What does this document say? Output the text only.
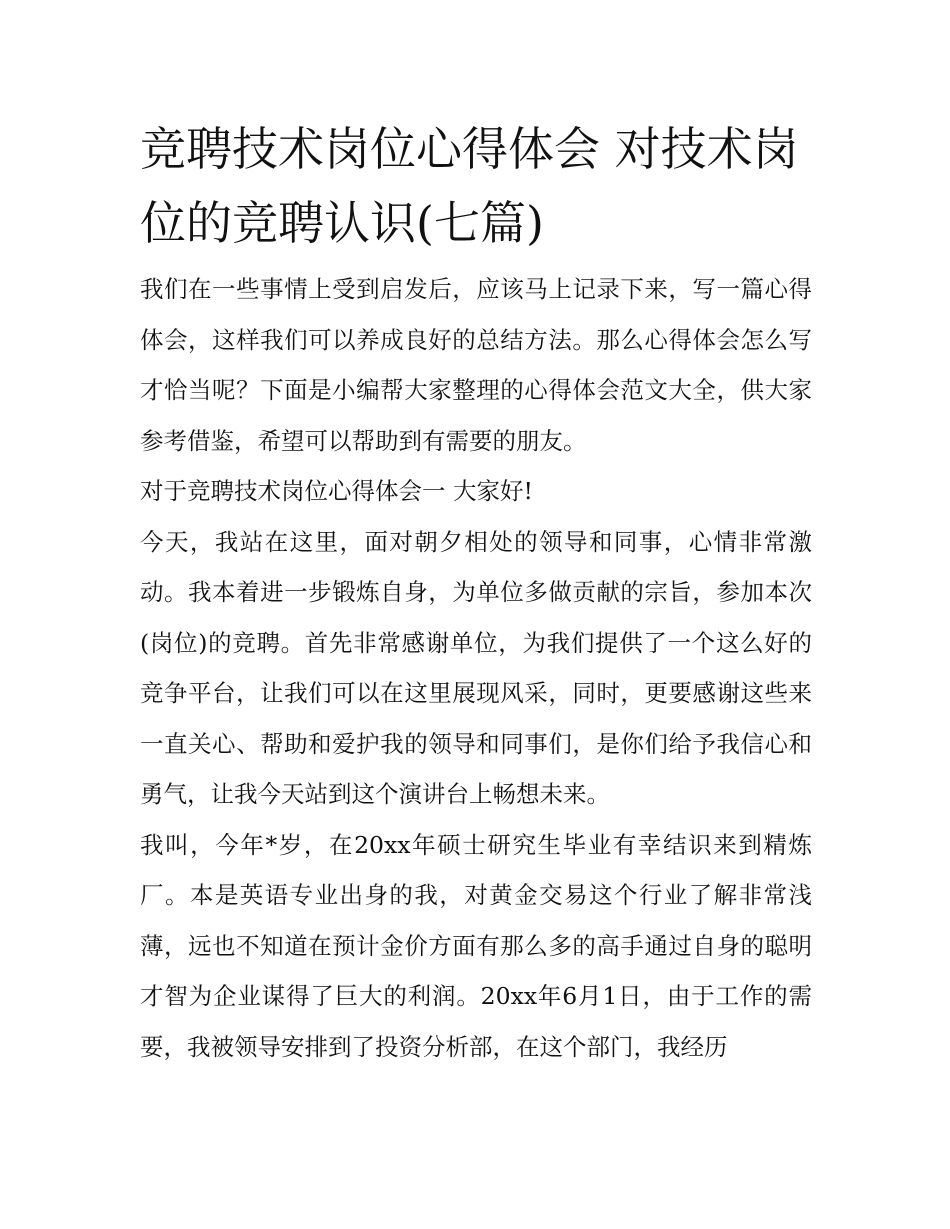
竞聘技术岗位心得体会 对技术岗位的竞聘认识(七篇)

我们在一些事情上受到启发后，应该马上记录下来，写一篇心得体会，这样我们可以养成良好的总结方法。那么心得体会怎么写才恰当呢？下面是小编帮大家整理的心得体会范文大全，供大家参考借鉴，希望可以帮助到有需要的朋友。

对于竞聘技术岗位心得体会一 大家好!

今天，我站在这里，面对朝夕相处的领导和同事，心情非常激动。我本着进一步锻炼自身，为单位多做贡献的宗旨，参加本次(岗位)的竞聘。首先非常感谢单位，为我们提供了一个这么好的竞争平台，让我们可以在这里展现风采，同时，更要感谢这些来一直关心、帮助和爱护我的领导和同事们，是你们给予我信心和勇气，让我今天站到这个演讲台上畅想未来。

我叫，今年*岁，在20xx年硕士研究生毕业有幸结识来到精炼厂。本是英语专业出身的我，对黄金交易这个行业了解非常浅薄，远也不知道在预计金价方面有那么多的高手通过自身的聪明才智为企业谋得了巨大的利润。20xx年6月1日，由于工作的需要，我被领导安排到了投资分析部，在这个部门，我经历
